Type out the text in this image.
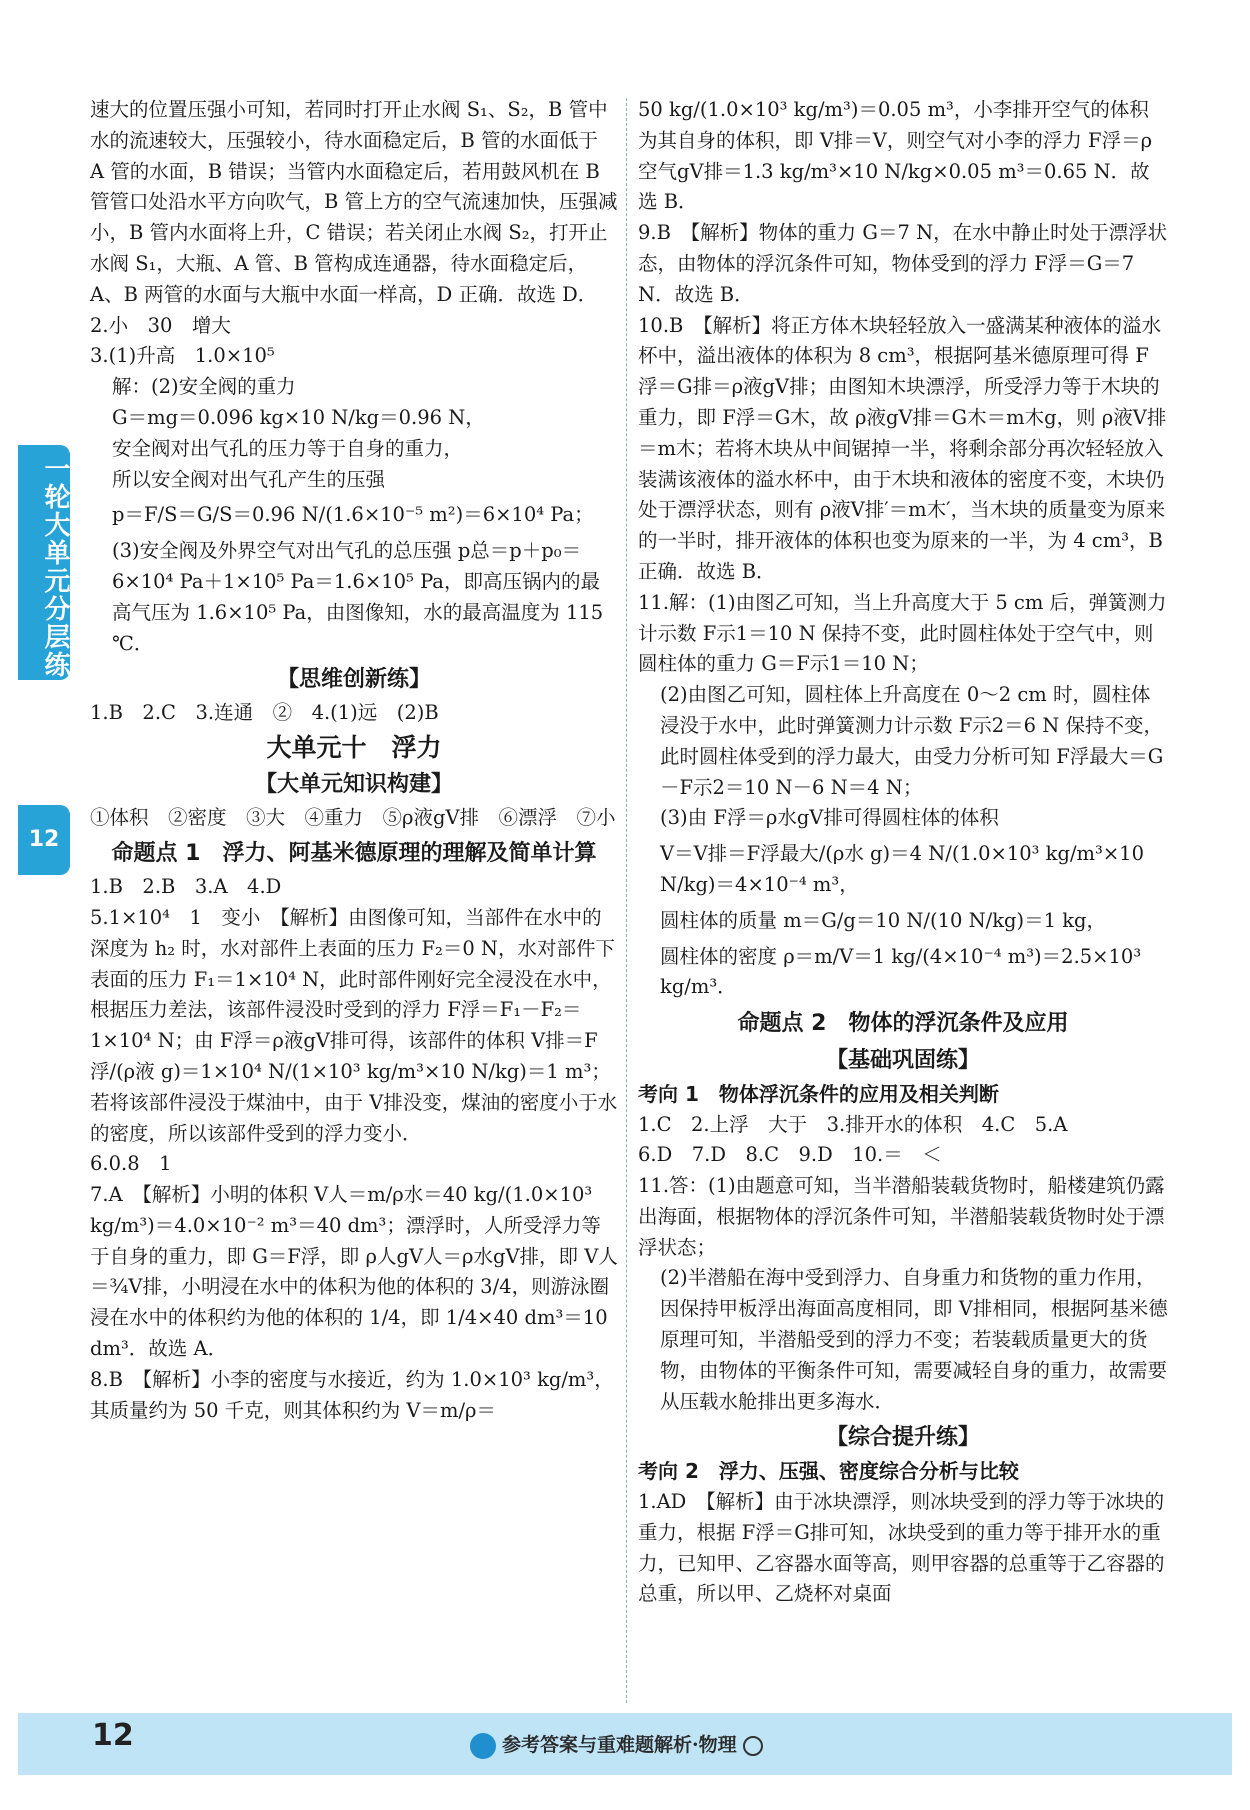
一轮大单元分层练
12

速大的位置压强小可知，若同时打开止水阀 S₁、S₂，B 管中水的流速较大，压强较小，待水面稳定后，B 管的水面低于 A 管的水面，B 错误；当管内水面稳定后，若用鼓风机在 B 管管口处沿水平方向吹气，B 管上方的空气流速加快，压强减小，B 管内水面将上升，C 错误；若关闭止水阀 S₂，打开止水阀 S₁，大瓶、A 管、B 管构成连通器，待水面稳定后，A、B 两管的水面与大瓶中水面一样高，D 正确．故选 D．

2.小　30　增大

3.(1)升高　1.0×10⁵

解：(2)安全阀的重力

G＝mg＝0.096 kg×10 N/kg＝0.96 N，

安全阀对出气孔的压力等于自身的重力，

所以安全阀对出气孔产生的压强

p＝F/S＝G/S＝0.96 N/(1.6×10⁻⁵ m²)＝6×10⁴ Pa；

(3)安全阀及外界空气对出气孔的总压强 p总＝p＋p₀＝6×10⁴ Pa＋1×10⁵ Pa＝1.6×10⁵ Pa，即高压锅内的最高气压为 1.6×10⁵ Pa，由图像知，水的最高温度为 115 ℃．

【思维创新练】

1.B　2.C　3.连通　②　4.(1)远　(2)B

大单元十　浮力

【大单元知识构建】

①体积　②密度　③大　④重力　⑤ρ液gV排　⑥漂浮　⑦小

命题点 1　浮力、阿基米德原理的理解及简单计算

1.B　2.B　3.A　4.D

5.1×10⁴　1　变小　【解析】由图像可知，当部件在水中的深度为 h₂ 时，水对部件上表面的压力 F₂＝0 N，水对部件下表面的压力 F₁＝1×10⁴ N，此时部件刚好完全浸没在水中，根据压力差法，该部件浸没时受到的浮力 F浮＝F₁－F₂＝1×10⁴ N；由 F浮＝ρ液gV排可得，该部件的体积 V排＝F浮/(ρ液 g)＝1×10⁴ N/(1×10³ kg/m³×10 N/kg)＝1 m³；若将该部件浸没于煤油中，由于 V排没变，煤油的密度小于水的密度，所以该部件受到的浮力变小．

6.0.8　1

7.A　【解析】小明的体积 V人＝m/ρ水＝40 kg/(1.0×10³ kg/m³)＝4.0×10⁻² m³＝40 dm³；漂浮时，人所受浮力等于自身的重力，即 G＝F浮，即 ρ人gV人＝ρ水gV排，即 V人＝¾V排，小明浸在水中的体积为他的体积的 3/4，则游泳圈浸在水中的体积约为他的体积的 1/4，即 1/4×40 dm³＝10 dm³．故选 A．

8.B　【解析】小李的密度与水接近，约为 1.0×10³ kg/m³，其质量约为 50 千克，则其体积约为 V＝m/ρ＝

50 kg/(1.0×10³ kg/m³)＝0.05 m³，小李排开空气的体积为其自身的体积，即 V排＝V，则空气对小李的浮力 F浮＝ρ空气gV排＝1.3 kg/m³×10 N/kg×0.05 m³＝0.65 N．故选 B．

9.B　【解析】物体的重力 G＝7 N，在水中静止时处于漂浮状态，由物体的浮沉条件可知，物体受到的浮力 F浮＝G＝7 N．故选 B．

10.B　【解析】将正方体木块轻轻放入一盛满某种液体的溢水杯中，溢出液体的体积为 8 cm³，根据阿基米德原理可得 F浮＝G排＝ρ液gV排；由图知木块漂浮，所受浮力等于木块的重力，即 F浮＝G木，故 ρ液gV排＝G木＝m木g，则 ρ液V排＝m木；若将木块从中间锯掉一半，将剩余部分再次轻轻放入装满该液体的溢水杯中，由于木块和液体的密度不变，木块仍处于漂浮状态，则有 ρ液V排′＝m木′，当木块的质量变为原来的一半时，排开液体的体积也变为原来的一半，为 4 cm³，B 正确．故选 B．

11.解：(1)由图乙可知，当上升高度大于 5 cm 后，弹簧测力计示数 F示1＝10 N 保持不变，此时圆柱体处于空气中，则圆柱体的重力 G＝F示1＝10 N；

(2)由图乙可知，圆柱体上升高度在 0～2 cm 时，圆柱体浸没于水中，此时弹簧测力计示数 F示2＝6 N 保持不变，此时圆柱体受到的浮力最大，由受力分析可知 F浮最大＝G－F示2＝10 N－6 N＝4 N；

(3)由 F浮＝ρ水gV排可得圆柱体的体积

V＝V排＝F浮最大/(ρ水 g)＝4 N/(1.0×10³ kg/m³×10 N/kg)＝4×10⁻⁴ m³，

圆柱体的质量 m＝G/g＝10 N/(10 N/kg)＝1 kg，

圆柱体的密度 ρ＝m/V＝1 kg/(4×10⁻⁴ m³)＝2.5×10³ kg/m³．

命题点 2　物体的浮沉条件及应用

【基础巩固练】

考向 1　物体浮沉条件的应用及相关判断

1.C　2.上浮　大于　3.排开水的体积　4.C　5.A

6.D　7.D　8.C　9.D　10.＝　＜

11.答：(1)由题意可知，当半潜船装载货物时，船楼建筑仍露出海面，根据物体的浮沉条件可知，半潜船装载货物时处于漂浮状态；

(2)半潜船在海中受到浮力、自身重力和货物的重力作用，因保持甲板浮出海面高度相同，即 V排相同，根据阿基米德原理可知，半潜船受到的浮力不变；若装载质量更大的货物，由物体的平衡条件可知，需要减轻自身的重力，故需要从压载水舱排出更多海水．

【综合提升练】

考向 2　浮力、压强、密度综合分析与比较

1.AD　【解析】由于冰块漂浮，则冰块受到的浮力等于冰块的重力，根据 F浮＝G排可知，冰块受到的重力等于排开水的重力，已知甲、乙容器水面等高，则甲容器的总重等于乙容器的总重，所以甲、乙烧杯对桌面

12	参考答案与重难题解析·物理
